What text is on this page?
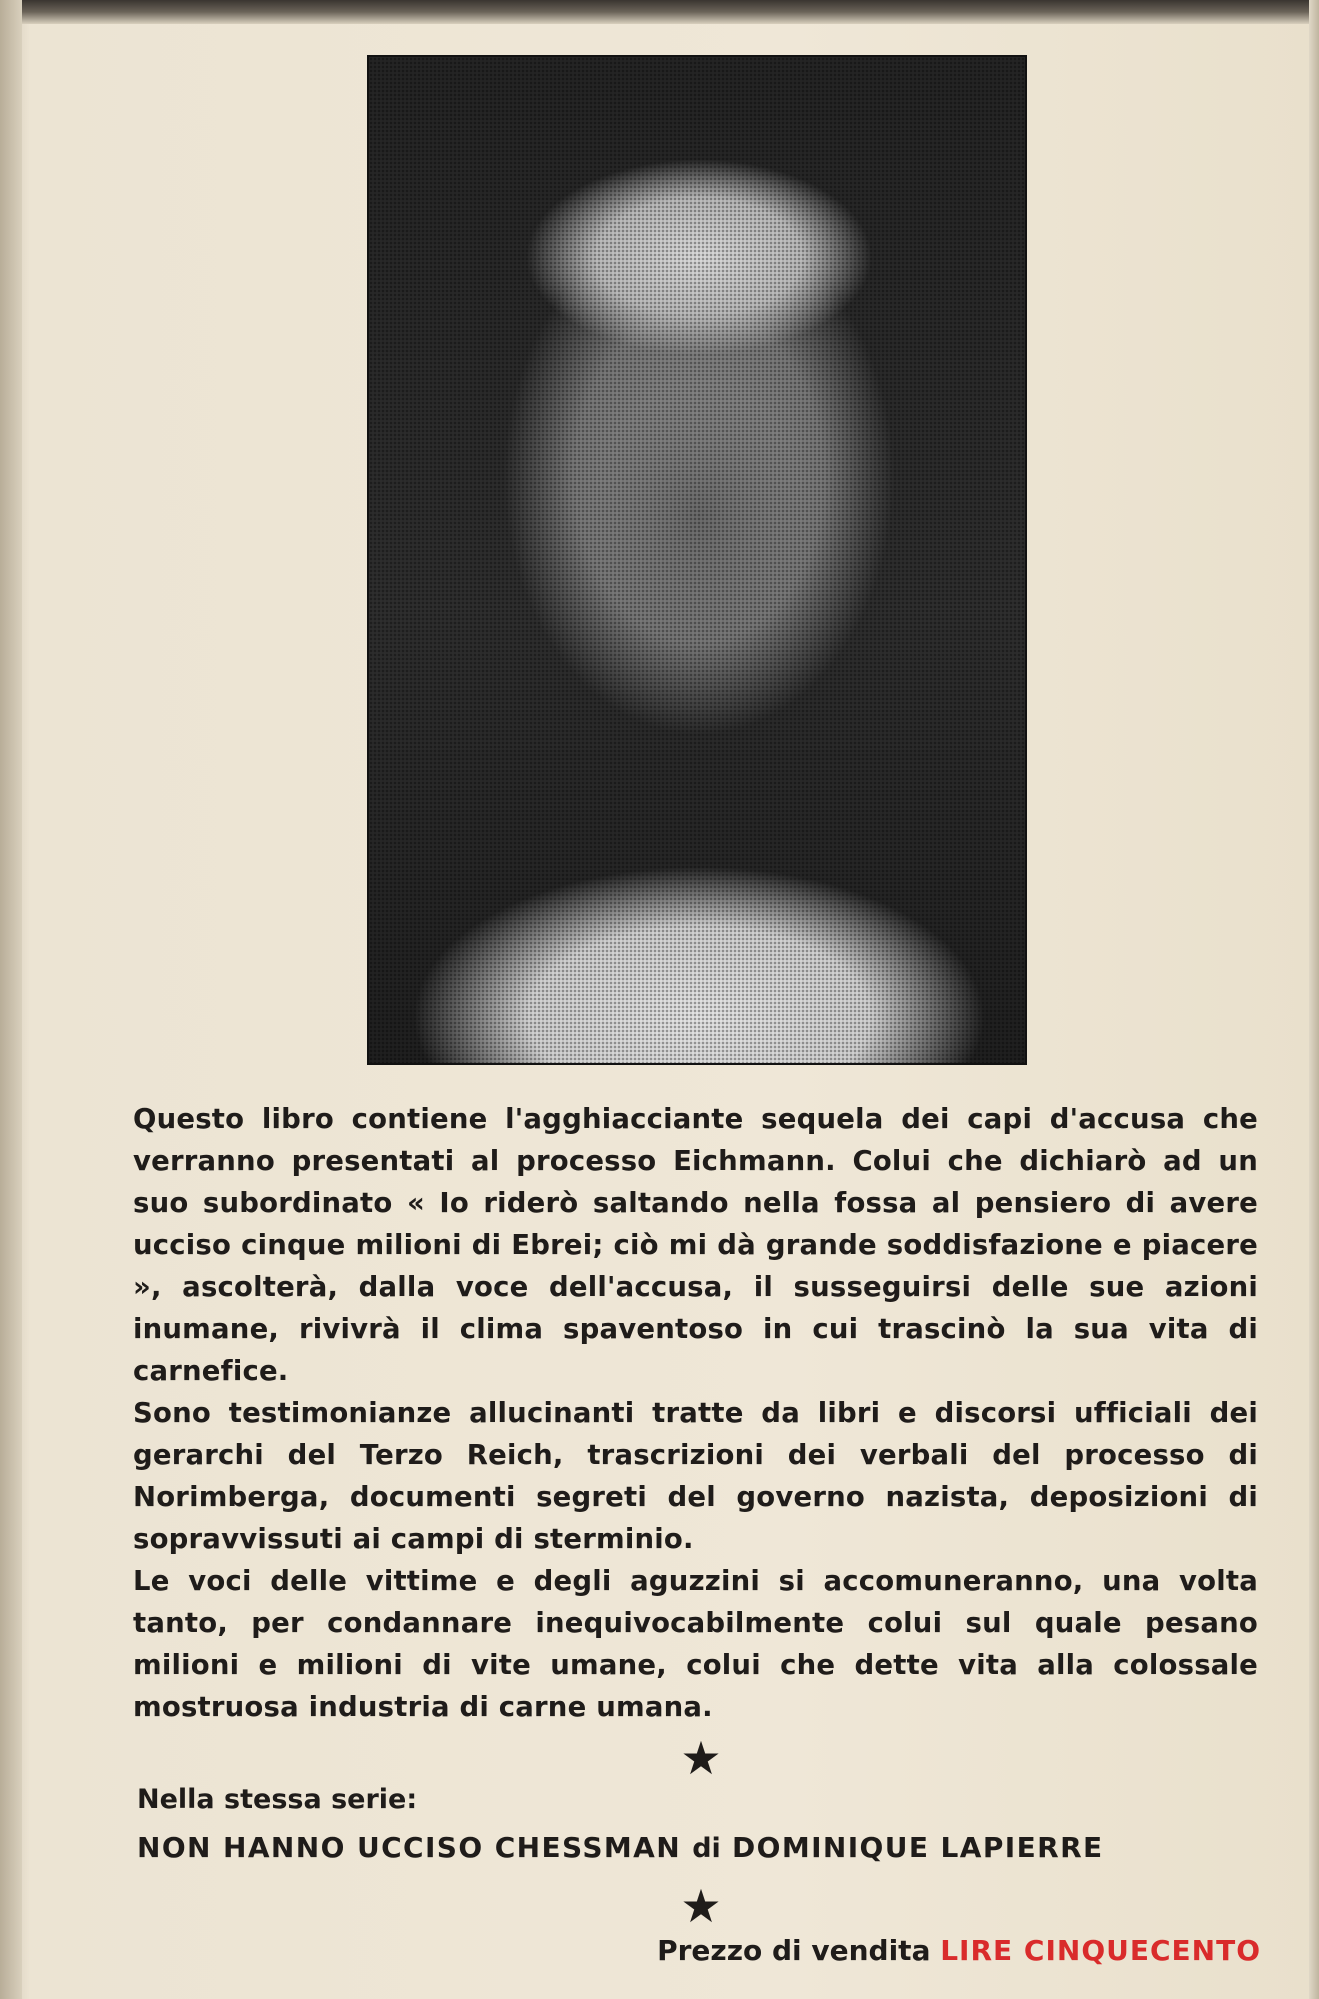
Questo libro contiene l'agghiacciante sequela dei capi d'accusa che verranno presentati al processo Eichmann. Colui che dichiarò ad un suo subordinato « Io riderò saltando nella fossa al pensiero di avere ucciso cinque milioni di Ebrei; ciò mi dà grande soddisfazione e piacere », ascolterà, dalla voce dell'accusa, il susseguirsi delle sue azioni inumane, rivivrà il clima spaventoso in cui trascinò la sua vita di carnefice.

Sono testimonianze allucinanti tratte da libri e discorsi ufficiali dei gerarchi del Terzo Reich, trascrizioni dei verbali del processo di Norimberga, documenti segreti del governo nazista, deposizioni di sopravvissuti ai campi di sterminio.

Le voci delle vittime e degli aguzzini si accomuneranno, una volta tanto, per condannare inequivocabilmente colui sul quale pesano milioni e milioni di vite umane, colui che dette vita alla colossale mostruosa industria di carne umana.

★

Nella stessa serie:

NON HANNO UCCISO CHESSMAN di DOMINIQUE LAPIERRE

★

Prezzo di vendita LIRE CINQUECENTO
